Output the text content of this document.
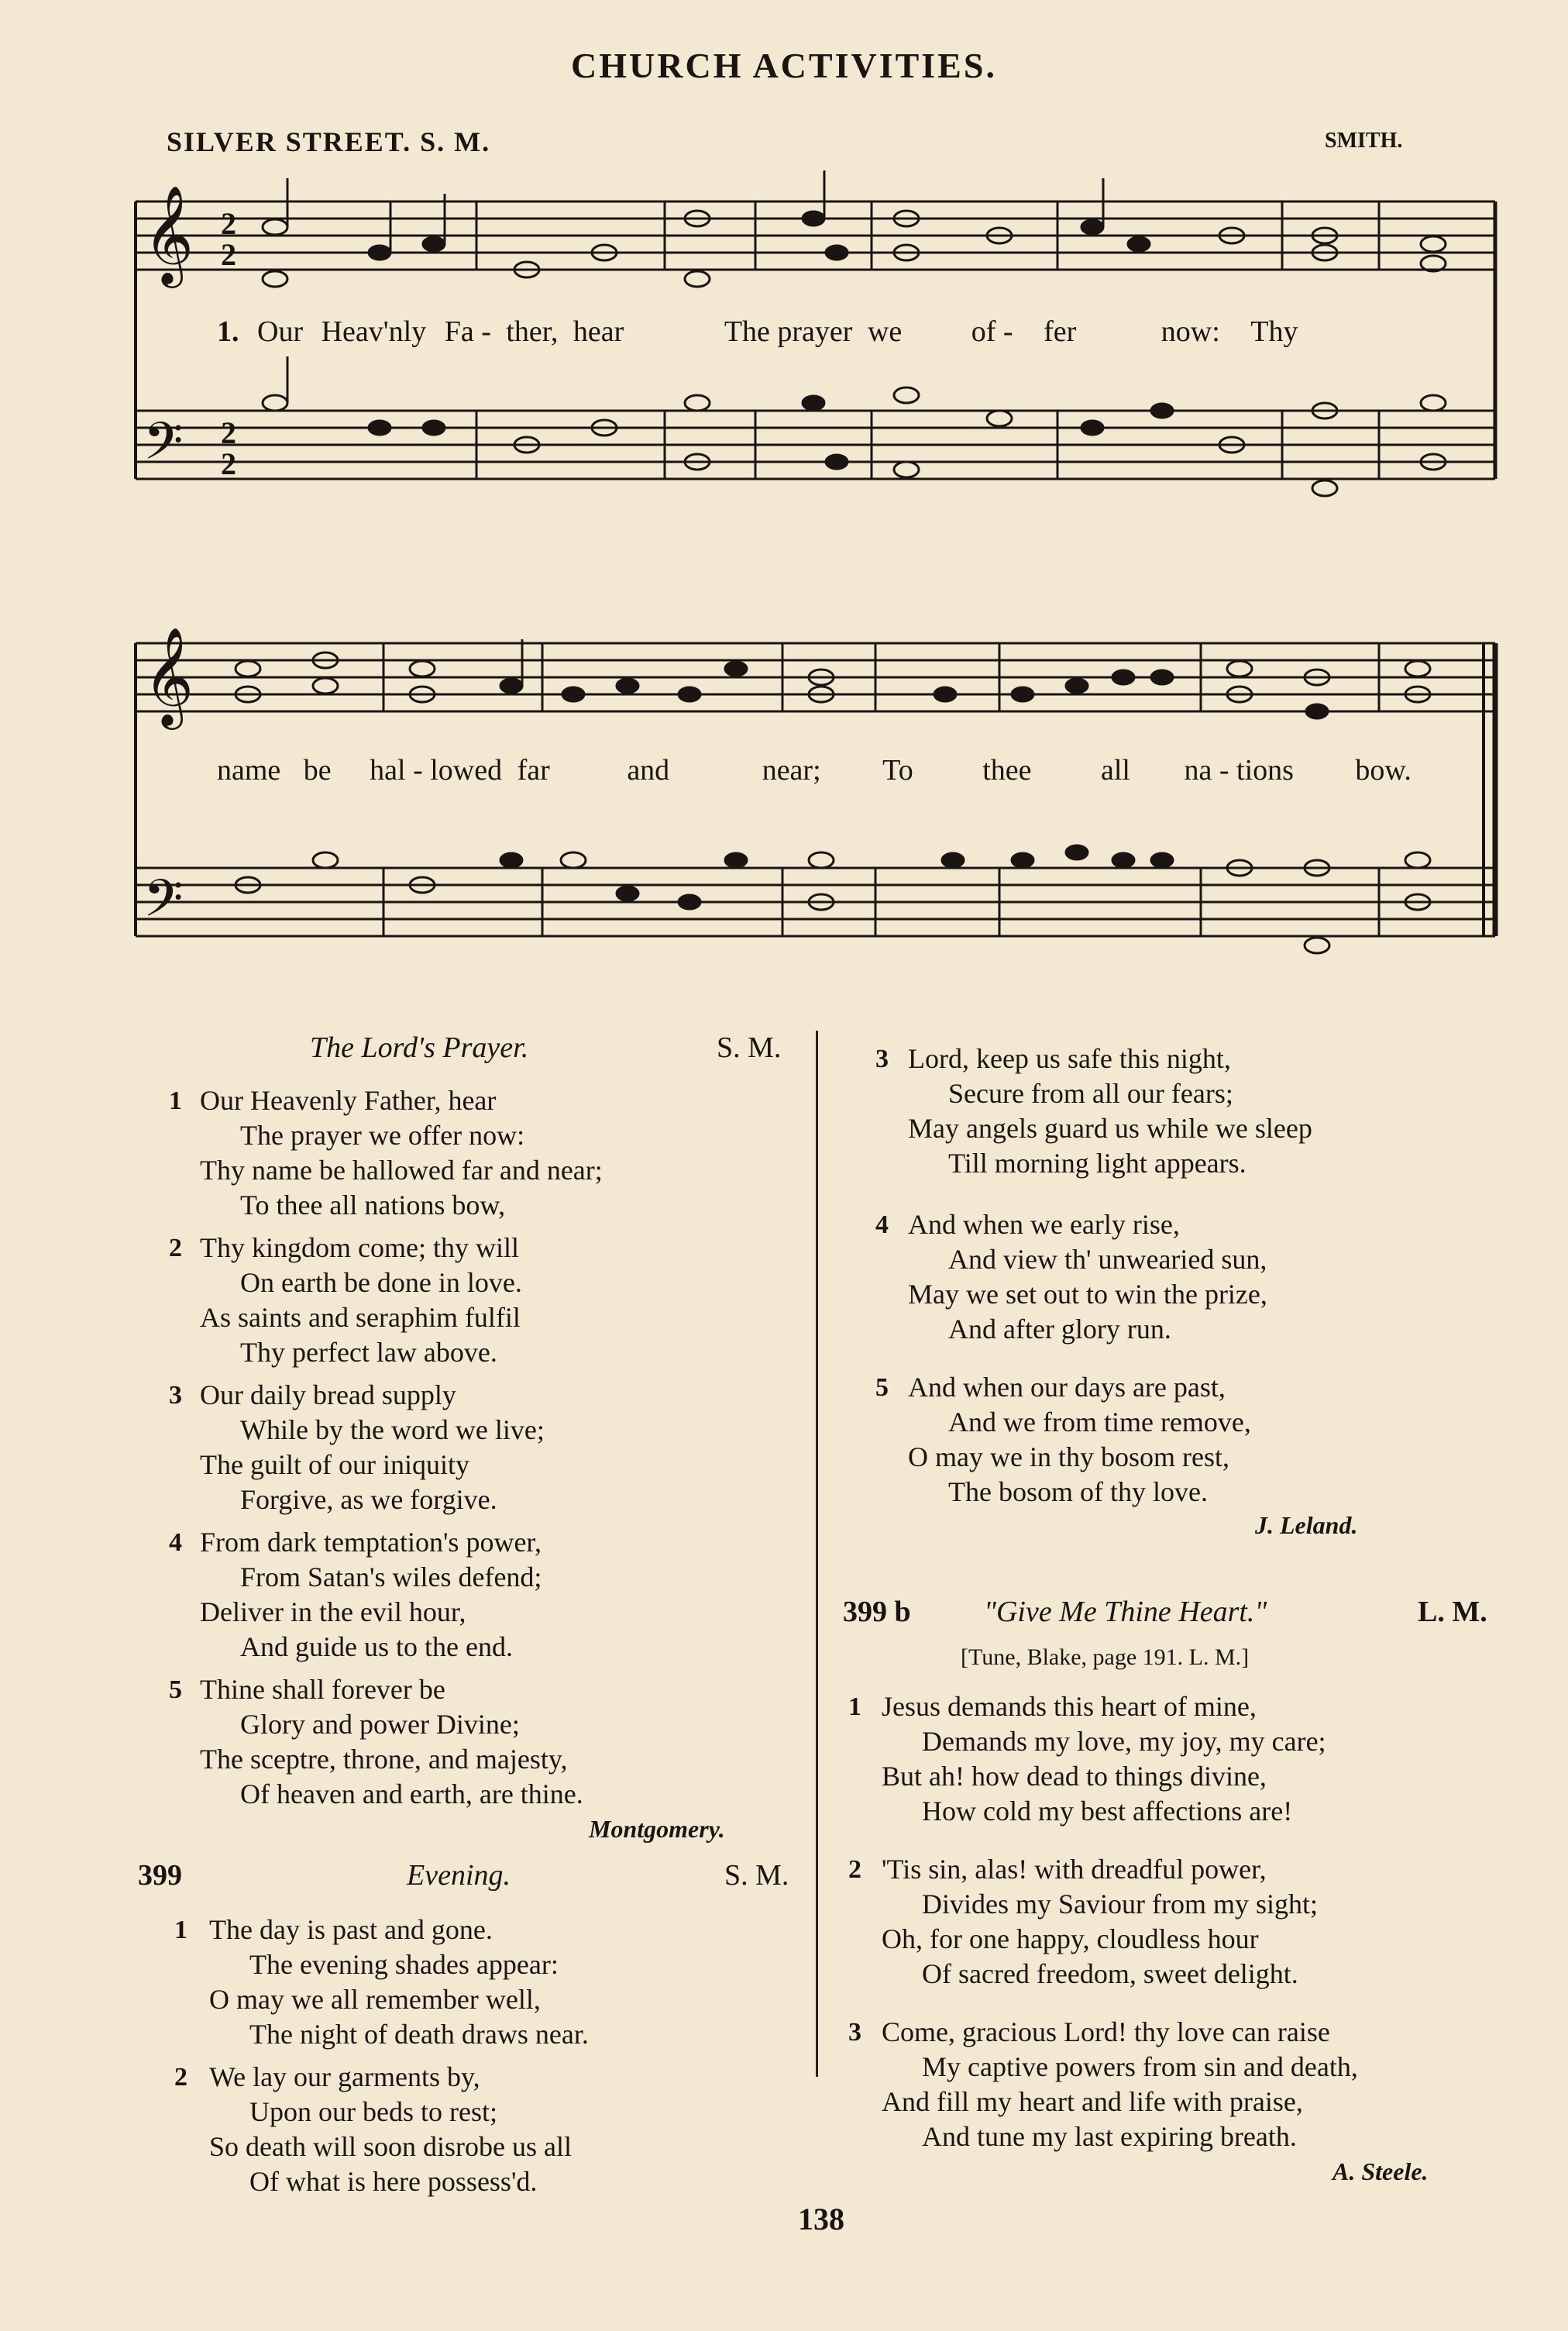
CHURCH ACTIVITIES.
SILVER STREET. S. M.	SMITH.
𝄞
𝄢
2
2
2
2
1. Our Heav'nly Fa - ther, hear	The prayer we of - fer	now: Thy
𝄞
𝄢
name be hal - lowed far	and	near; To thee all na - tions bow.
The Lord's Prayer.	S. M.
1 Our Heavenly Father, hear
The prayer we offer now:
Thy name be hallowed far and near;
To thee all nations bow,
2 Thy kingdom come; thy will
On earth be done in love.
As saints and seraphim fulfil
Thy perfect law above.
3 Our daily bread supply
While by the word we live;
The guilt of our iniquity
Forgive, as we forgive.
4 From dark temptation's power,
From Satan's wiles defend;
Deliver in the evil hour,
And guide us to the end.
5 Thine shall forever be
Glory and power Divine;
The sceptre, throne, and majesty,
Of heaven and earth, are thine.
Montgomery.
399	Evening.	S. M.
1 The day is past and gone.
The evening shades appear:
O may we all remember well,
The night of death draws near.
2 We lay our garments by,
Upon our beds to rest;
So death will soon disrobe us all
Of what is here possess'd.
3 Lord, keep us safe this night,
Secure from all our fears;
May angels guard us while we sleep
Till morning light appears.
4 And when we early rise,
And view th' unwearied sun,
May we set out to win the prize,
And after glory run.
5 And when our days are past,
And we from time remove,
O may we in thy bosom rest,
The bosom of thy love.
J. Leland.
399 b "Give Me Thine Heart."	L. M.
[Tune, Blake, page 191. L. M.]
1 Jesus demands this heart of mine,
Demands my love, my joy, my care;
But ah! how dead to things divine,
How cold my best affections are!
2 'Tis sin, alas! with dreadful power,
Divides my Saviour from my sight;
Oh, for one happy, cloudless hour
Of sacred freedom, sweet delight.
3 Come, gracious Lord! thy love can raise
My captive powers from sin and death,
And fill my heart and life with praise,
And tune my last expiring breath.
A. Steele.
138
